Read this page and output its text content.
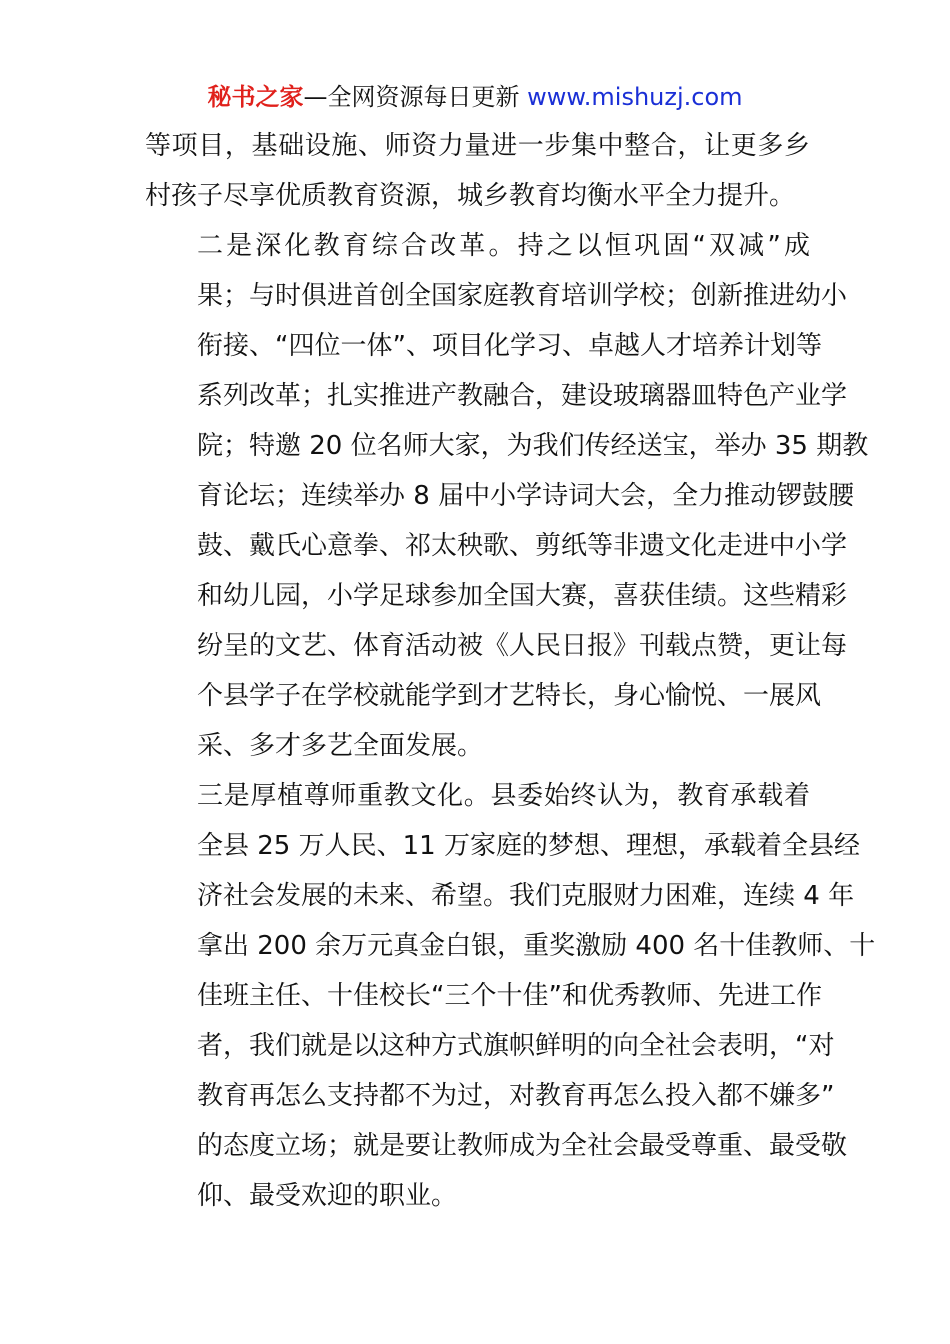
秘书之家—全网资源每日更新 www.mishuzj.com
等项目，基础设施、师资力量进一步集中整合，让更多乡
村孩子尽享优质教育资源，城乡教育均衡水平全力提升。
二是深化教育综合改革。持之以恒巩固“双减”成
果；与时俱进首创全国家庭教育培训学校；创新推进幼小
衔接、“四位一体”、项目化学习、卓越人才培养计划等
系列改革；扎实推进产教融合，建设玻璃器皿特色产业学
院；特邀 20 位名师大家，为我们传经送宝，举办 35 期教
育论坛；连续举办 8 届中小学诗词大会，全力推动锣鼓腰
鼓、戴氏心意拳、祁太秧歌、剪纸等非遗文化走进中小学
和幼儿园，小学足球参加全国大赛，喜获佳绩。这些精彩
纷呈的文艺、体育活动被《人民日报》刊载点赞，更让每
个县学子在学校就能学到才艺特长，身心愉悦、一展风
采、多才多艺全面发展。
三是厚植尊师重教文化。县委始终认为，教育承载着
全县 25 万人民、11 万家庭的梦想、理想，承载着全县经
济社会发展的未来、希望。我们克服财力困难，连续 4 年
拿出 200 余万元真金白银，重奖激励 400 名十佳教师、十
佳班主任、十佳校长“三个十佳”和优秀教师、先进工作
者，我们就是以这种方式旗帜鲜明的向全社会表明，“对
教育再怎么支持都不为过，对教育再怎么投入都不嫌多”
的态度立场；就是要让教师成为全社会最受尊重、最受敬
仰、最受欢迎的职业。
